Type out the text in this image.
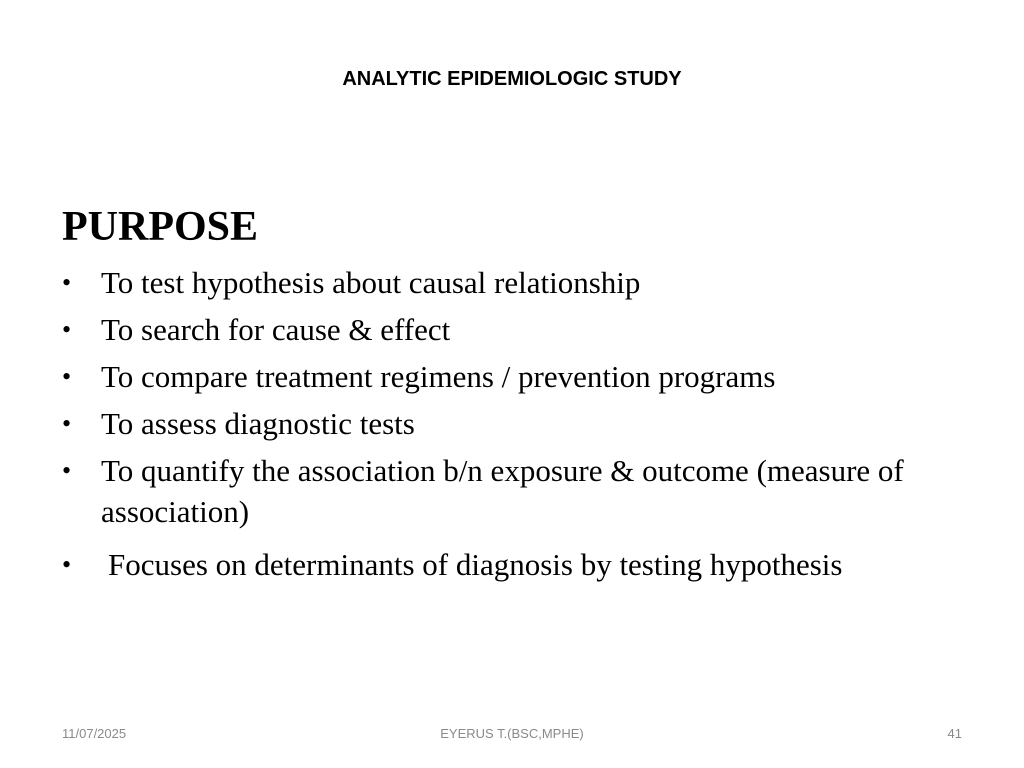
ANALYTIC EPIDEMIOLOGIC STUDY
PURPOSE
• To test hypothesis about causal relationship
• To search for cause & effect
• To compare treatment regimens / prevention programs
• To assess diagnostic tests
• To quantify the association b/n exposure & outcome (measure of association)
• Focuses on determinants of diagnosis by testing hypothesis
EYERUS T.(BSC,MPHE)
11/07/2025	41
